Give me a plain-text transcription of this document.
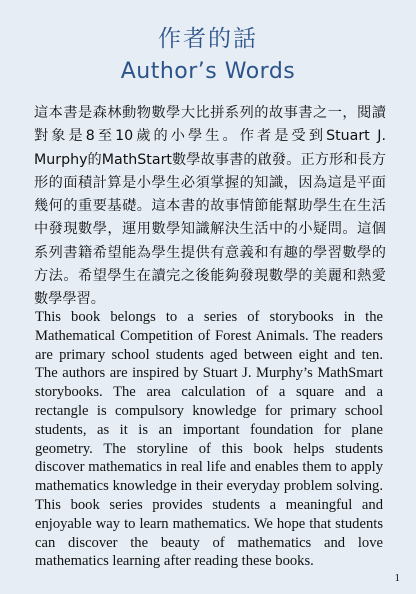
作者的話
Author’s Words
這本書是森林動物數學大比拼系列的故事書之一，閱讀對象是8至10歲的小學生。作者是受到Stuart J. Murphy的MathStart數學故事書的啟發。正方形和長方形的面積計算是小學生必須掌握的知識，因為這是平面幾何的重要基礎。這本書的故事情節能幫助學生在生活中發現數學，運用數學知識解決生活中的小疑問。這個系列書籍希望能為學生提供有意義和有趣的學習數學的方法。希望學生在讀完之後能夠發現數學的美麗和熱愛數學學習。
This book belongs to a series of storybooks in the Mathematical Competition of Forest Animals. The readers are primary school students aged between eight and ten. The authors are inspired by Stuart J. Murphy’s MathSmart storybooks. The area calculation of a square and a rectangle is compulsory knowledge for primary school students, as it is an important foundation for plane geometry. The storyline of this book helps students discover mathematics in real life and enables them to apply mathematics knowledge in their everyday problem solving. This book series provides students a meaningful and enjoyable way to learn mathematics. We hope that students can discover the beauty of mathematics and love mathematics learning after reading these books.
1
